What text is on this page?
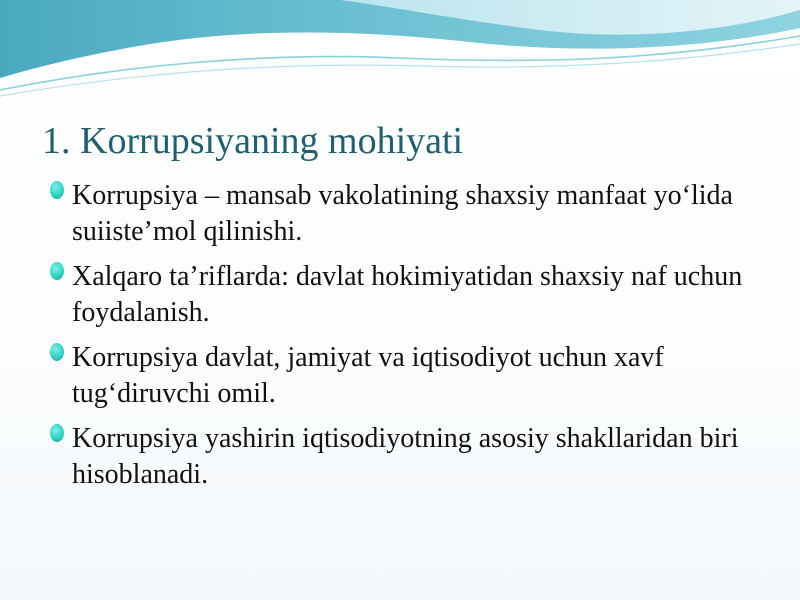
1. Korrupsiyaning mohiyati
Korrupsiya – mansab vakolatining shaxsiy manfaat yo‘lida suiiste’mol qilinishi.
Xalqaro ta’riflarda: davlat hokimiyatidan shaxsiy naf uchun foydalanish.
Korrupsiya davlat, jamiyat va iqtisodiyot uchun xavf tug‘diruvchi omil.
Korrupsiya yashirin iqtisodiyotning asosiy shakllaridan biri hisoblanadi.
